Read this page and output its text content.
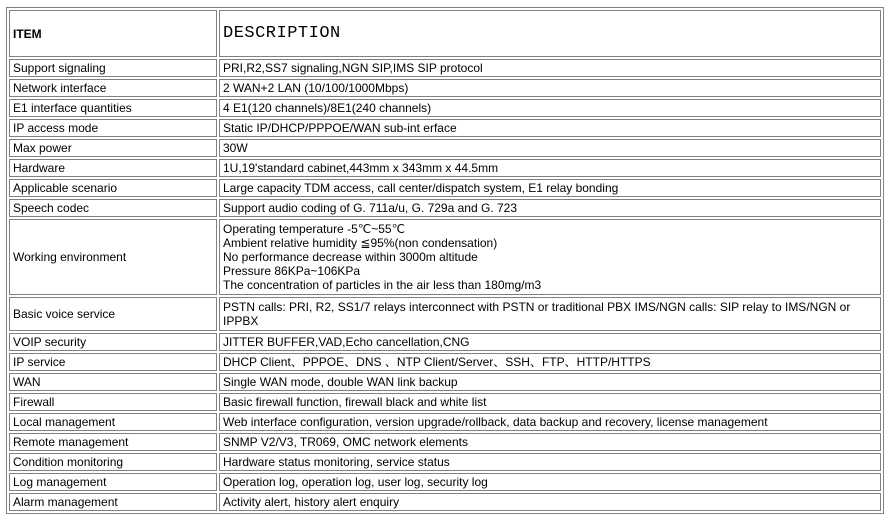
ITEM	DESCRIPTION
Support signaling	PRI,R2,SS7 signaling,NGN SIP,IMS SIP protocol

Network interface	2 WAN+2 LAN (10/100/1000Mbps)

E1 interface quantities	4 E1(120 channels)/8E1(240 channels)

IP access mode	Static IP/DHCP/PPPOE/WAN sub-int erface

Max power	30W

Hardware	1U,19'standard cabinet,443mm x 343mm x 44.5mm

Applicable scenario	Large capacity TDM access, call center/dispatch system, E1 relay bonding

Speech codec	Support audio coding of G. 711a/u, G. 729a and G. 723

Working environment	Operating temperature -5℃~55℃
Ambient relative humidity ≦95%(non condensation)
No performance decrease within 3000m altitude
Pressure 86KPa~106KPa
The concentration of particles in the air less than 180mg/m3

Basic voice service	PSTN calls: PRI, R2, SS1/7 relays interconnect with PSTN or traditional PBX IMS/NGN calls: SIP relay to IMS/NGN or IPPBX

VOIP security	JITTER BUFFER,VAD,Echo cancellation,CNG

IP service	DHCP Client、PPPOE、DNS 、NTP Client/Server、SSH、FTP、HTTP/HTTPS

WAN	Single WAN mode, double WAN link backup

Firewall	Basic firewall function, firewall black and white list

Local management	Web interface configuration, version upgrade/rollback, data backup and recovery, license management

Remote management	SNMP V2/V3, TR069, OMC network elements

Condition monitoring	Hardware status monitoring, service status

Log management	Operation log, operation log, user log, security log

Alarm management	Activity alert, history alert enquiry
